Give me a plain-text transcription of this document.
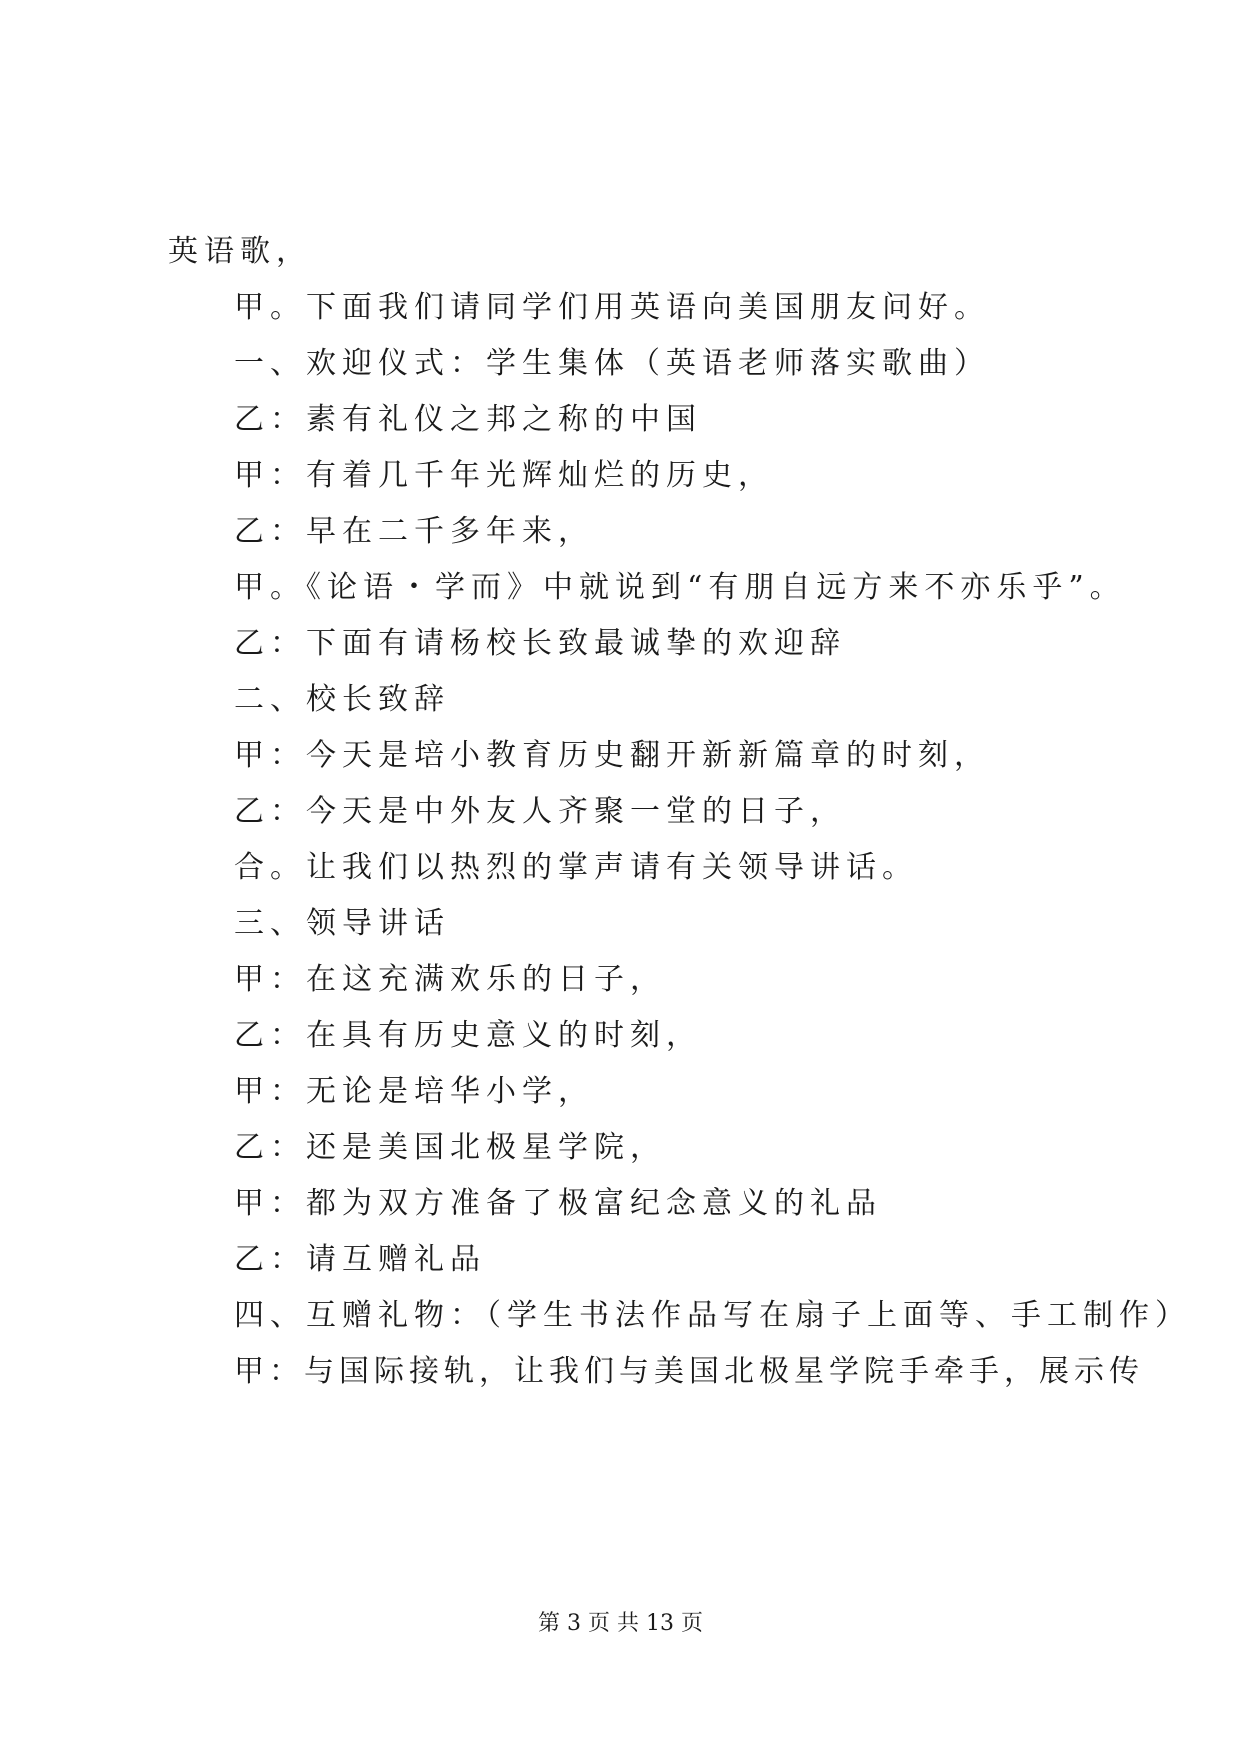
英语歌，
甲。下面我们请同学们用英语向美国朋友问好。
一、欢迎仪式：学生集体（英语老师落实歌曲）
乙：素有礼仪之邦之称的中国
甲：有着几千年光辉灿烂的历史，
乙：早在二千多年来，
甲。《论语・学而》中就说到“有朋自远方来不亦乐乎”。
乙：下面有请杨校长致最诚挚的欢迎辞
二、校长致辞
甲：今天是培小教育历史翻开新新篇章的时刻，
乙：今天是中外友人齐聚一堂的日子，
合。让我们以热烈的掌声请有关领导讲话。
三、领导讲话
甲：在这充满欢乐的日子，
乙：在具有历史意义的时刻，
甲：无论是培华小学，
乙：还是美国北极星学院，
甲：都为双方准备了极富纪念意义的礼品
乙：请互赠礼品
四、互赠礼物：（学生书法作品写在扇子上面等、手工制作）
甲：与国际接轨，让我们与美国北极星学院手牵手，展示传
第 3 页 共 13 页
